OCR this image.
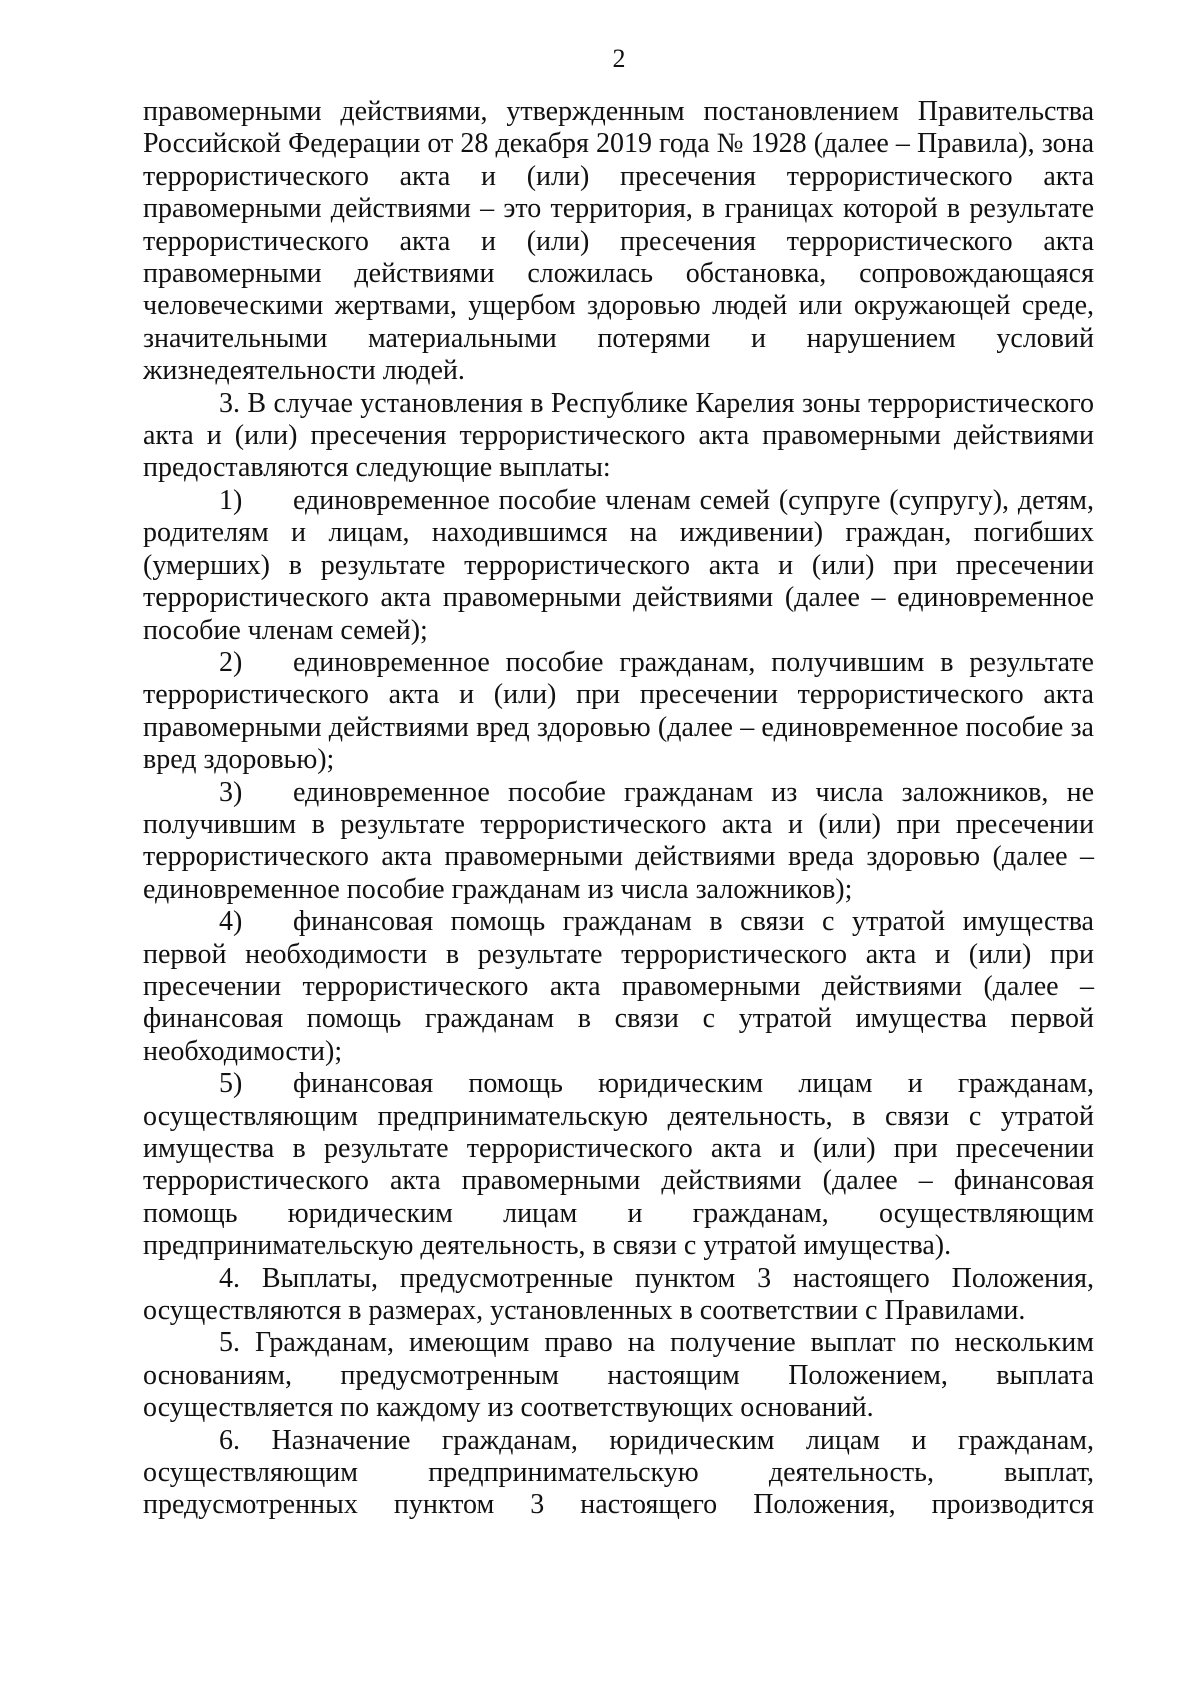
2

правомерными действиями, утвержденным постановлением Правительства Российской Федерации от 28 декабря 2019 года № 1928 (далее – Правила), зона террористического акта и (или) пресечения террористического акта правомерными действиями – это территория, в границах которой в результате террористического акта и (или) пресечения террористического акта правомерными действиями сложилась обстановка, сопровождающаяся человеческими жертвами, ущербом здоровью людей или окружающей среде, значительными материальными потерями и нарушением условий жизнедеятельности людей.

3. В случае установления в Республике Карелия зоны террористического акта и (или) пресечения террористического акта правомерными действиями предоставляются следующие выплаты:

1) единовременное пособие членам семей (супруге (супругу), детям, родителям и лицам, находившимся на иждивении) граждан, погибших (умерших) в результате террористического акта и (или) при пресечении террористического акта правомерными действиями (далее – единовременное пособие членам семей);

2) единовременное пособие гражданам, получившим в результате террористического акта и (или) при пресечении террористического акта правомерными действиями вред здоровью (далее – единовременное пособие за вред здоровью);

3) единовременное пособие гражданам из числа заложников, не получившим в результате террористического акта и (или) при пресечении террористического акта правомерными действиями вреда здоровью (далее – единовременное пособие гражданам из числа заложников);

4) финансовая помощь гражданам в связи с утратой имущества первой необходимости в результате террористического акта и (или) при пресечении террористического акта правомерными действиями (далее – финансовая помощь гражданам в связи с утратой имущества первой необходимости);

5) финансовая помощь юридическим лицам и гражданам, осуществляющим предпринимательскую деятельность, в связи с утратой имущества в результате террористического акта и (или) при пресечении террористического акта правомерными действиями (далее – финансовая помощь юридическим лицам и гражданам, осуществляющим предпринимательскую деятельность, в связи с утратой имущества).

4. Выплаты, предусмотренные пунктом 3 настоящего Положения, осуществляются в размерах, установленных в соответствии с Правилами.

5. Гражданам, имеющим право на получение выплат по нескольким основаниям, предусмотренным настоящим Положением, выплата осуществляется по каждому из соответствующих оснований.

6. Назначение гражданам, юридическим лицам и гражданам, осуществляющим предпринимательскую деятельность, выплат, предусмотренных пунктом 3 настоящего Положения, производится
